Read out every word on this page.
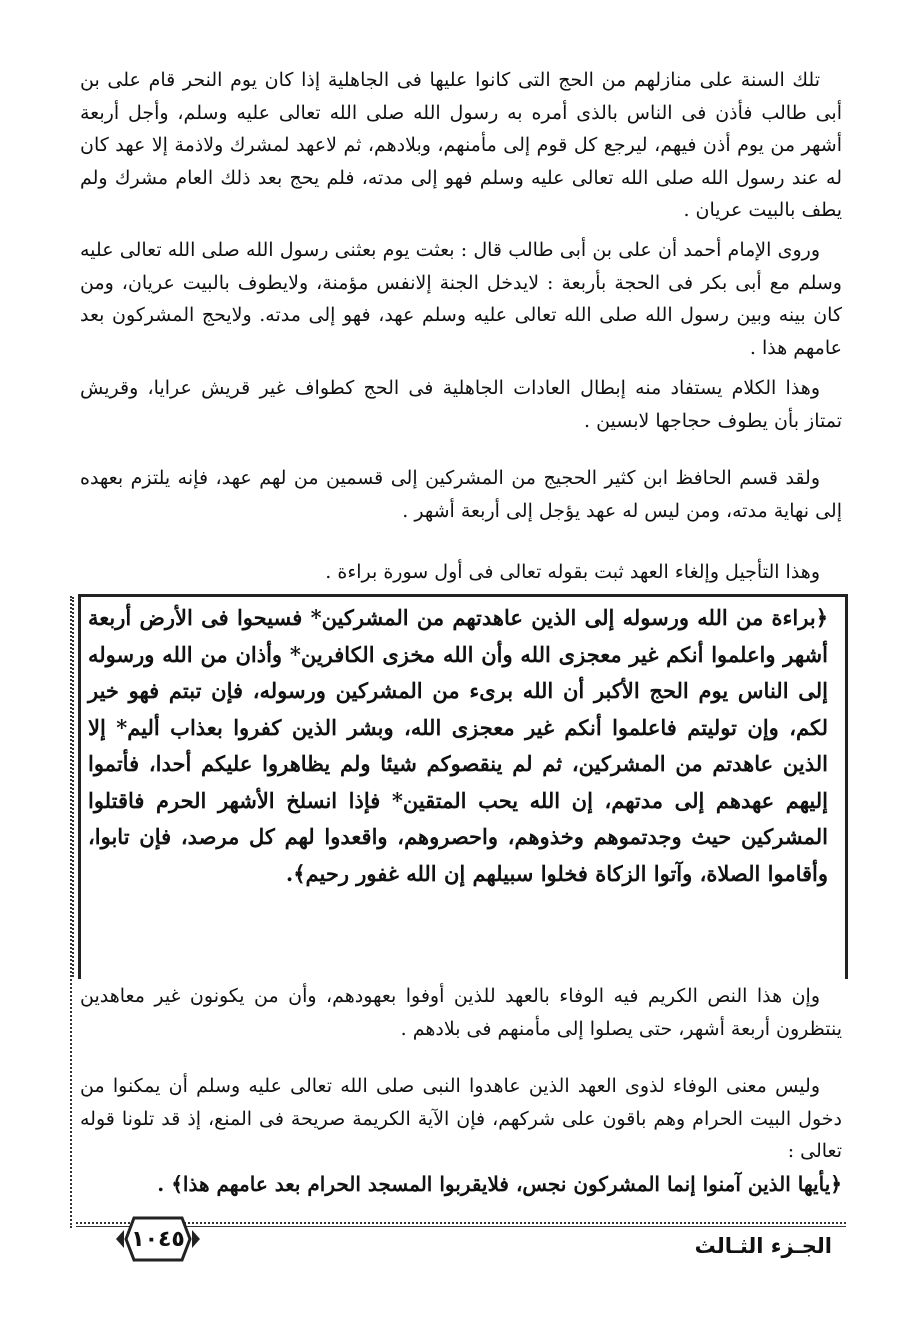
تلك السنة على منازلهم من الحج التى كانوا عليها فى الجاهلية إذا كان يوم النحر قام على بن أبى طالب فأذن فى الناس بالذى أمره به رسول الله صلى الله تعالى عليه وسلم، وأجل أربعة أشهر من يوم أذن فيهم، ليرجع كل قوم إلى مأمنهم، وبلادهم، ثم لاعهد لمشرك ولاذمة إلا عهد كان له عند رسول الله صلى الله تعالى عليه وسلم فهو إلى مدته، فلم يحج بعد ذلك العام مشرك ولم يطف بالبيت عريان .

وروى الإمام أحمد أن على بن أبى طالب قال : بعثت يوم بعثنى رسول الله صلى الله تعالى عليه وسلم مع أبى بكر فى الحجة بأربعة : لايدخل الجنة إلانفس مؤمنة، ولايطوف بالبيت عريان، ومن كان بينه وبين رسول الله صلى الله تعالى عليه وسلم عهد، فهو إلى مدته. ولايحج المشركون بعد عامهم هذا .

وهذا الكلام يستفاد منه إبطال العادات الجاهلية فى الحج كطواف غير قريش عرايا، وقريش تمتاز بأن يطوف حجاجها لابسين .

ولقد قسم الحافظ ابن كثير الحجيج من المشركين إلى قسمين من لهم عهد، فإنه يلتزم بعهده إلى نهاية مدته، ومن ليس له عهد يؤجل إلى أربعة أشهر .

وهذا التأجيل وإلغاء العهد ثبت بقوله تعالى فى أول سورة براءة .

﴿براءة من الله ورسوله إلى الذين عاهدتهم من المشركين* فسيحوا فى الأرض أربعة أشهر واعلموا أنكم غير معجزى الله وأن الله مخزى الكافرين* وأذان من الله ورسوله إلى الناس يوم الحج الأكبر أن الله برىء من المشركين ورسوله، فإن تبتم فهو خير لكم، وإن توليتم فاعلموا أنكم غير معجزى الله، وبشر الذين كفروا بعذاب أليم* إلا الذين عاهدتم من المشركين، ثم لم ينقصوكم شيئا ولم يظاهروا عليكم أحدا، فأتموا إليهم عهدهم إلى مدتهم، إن الله يحب المتقين* فإذا انسلخ الأشهر الحرم فاقتلوا المشركين حيث وجدتموهم وخذوهم، واحصروهم، واقعدوا لهم كل مرصد، فإن تابوا، وأقاموا الصلاة، وآتوا الزكاة فخلوا سبيلهم إن الله غفور رحيم﴾.

وإن هذا النص الكريم فيه الوفاء بالعهد للذين أوفوا بعهودهم، وأن من يكونون غير معاهدين ينتظرون أربعة أشهر، حتى يصلوا إلى مأمنهم فى بلادهم .

وليس معنى الوفاء لذوى العهد الذين عاهدوا النبى صلى الله تعالى عليه وسلم أن يمكنوا من دخول البيت الحرام وهم باقون على شركهم، فإن الآية الكريمة صريحة فى المنع، إذ قد تلونا قوله تعالى :

﴿يأيها الذين آمنوا إنما المشركون نجس، فلايقربوا المسجد الحرام بعد عامهم هذا﴾ .

١٠٤٥	الجـزء الثـالث
